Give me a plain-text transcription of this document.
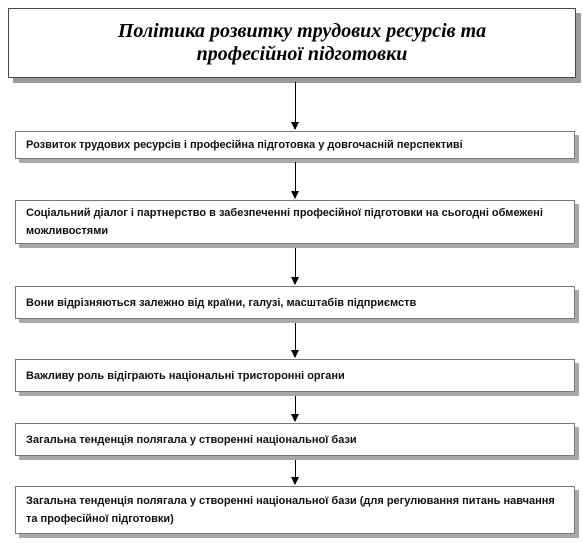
Політика розвитку трудових ресурсів та професійної підготовки
Розвиток трудових ресурсів і професійна підготовка у довгочасній перспективі
Соціальний діалог і партнерство в забезпеченні професійної підготовки на сьогодні обмежені можливостями
Вони відрізняються залежно від країни, галузі, масштабів підприємств
Важливу роль відіграють національні тристоронні органи
Загальна тенденція полягала у створенні національної бази
Загальна тенденція полягала у створенні національної бази (для регулювання питань навчання та професійної підготовки)
